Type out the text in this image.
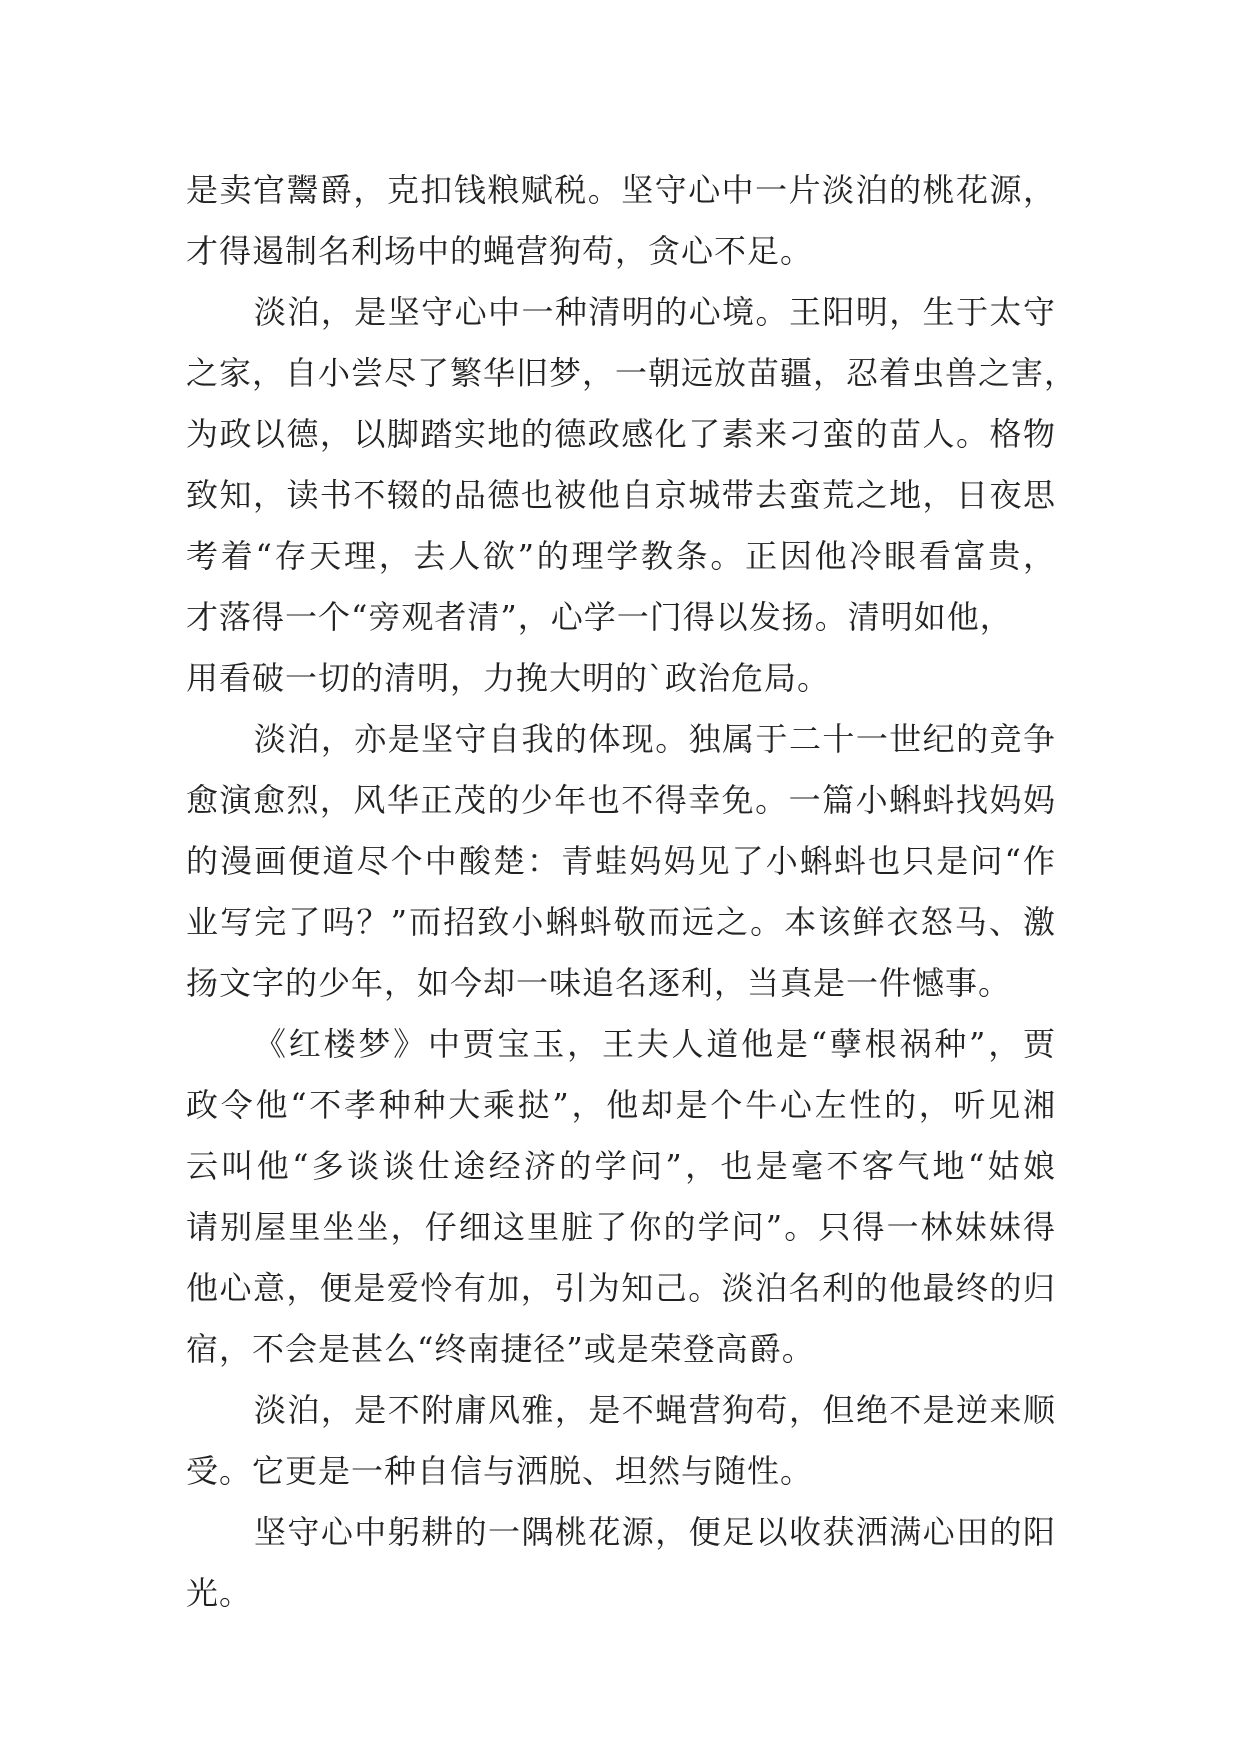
是卖官鬻爵，克扣钱粮赋税。坚守心中一片淡泊的桃花源，
才得遏制名利场中的蝇营狗苟，贪心不足。
淡泊，是坚守心中一种清明的心境。王阳明，生于太守
之家，自小尝尽了繁华旧梦，一朝远放苗疆，忍着虫兽之害，
为政以德，以脚踏实地的德政感化了素来刁蛮的苗人。格物
致知，读书不辍的品德也被他自京城带去蛮荒之地，日夜思
考着“存天理，去人欲”的理学教条。正因他冷眼看富贵，
才落得一个“旁观者清”，心学一门得以发扬。清明如他，
用看破一切的清明，力挽大明的`政治危局。
淡泊，亦是坚守自我的体现。独属于二十一世纪的竞争
愈演愈烈，风华正茂的少年也不得幸免。一篇小蝌蚪找妈妈
的漫画便道尽个中酸楚：青蛙妈妈见了小蝌蚪也只是问“作
业写完了吗？”而招致小蝌蚪敬而远之。本该鲜衣怒马、激
扬文字的少年，如今却一味追名逐利，当真是一件憾事。
《红楼梦》中贾宝玉，王夫人道他是“孽根祸种”，贾
政令他“不孝种种大乘挞”，他却是个牛心左性的，听见湘
云叫他“多谈谈仕途经济的学问”，也是毫不客气地“姑娘
请别屋里坐坐，仔细这里脏了你的学问”。只得一林妹妹得
他心意，便是爱怜有加，引为知己。淡泊名利的他最终的归
宿，不会是甚么“终南捷径”或是荣登高爵。
淡泊，是不附庸风雅，是不蝇营狗苟，但绝不是逆来顺
受。它更是一种自信与洒脱、坦然与随性。
坚守心中躬耕的一隅桃花源，便足以收获洒满心田的阳
光。
